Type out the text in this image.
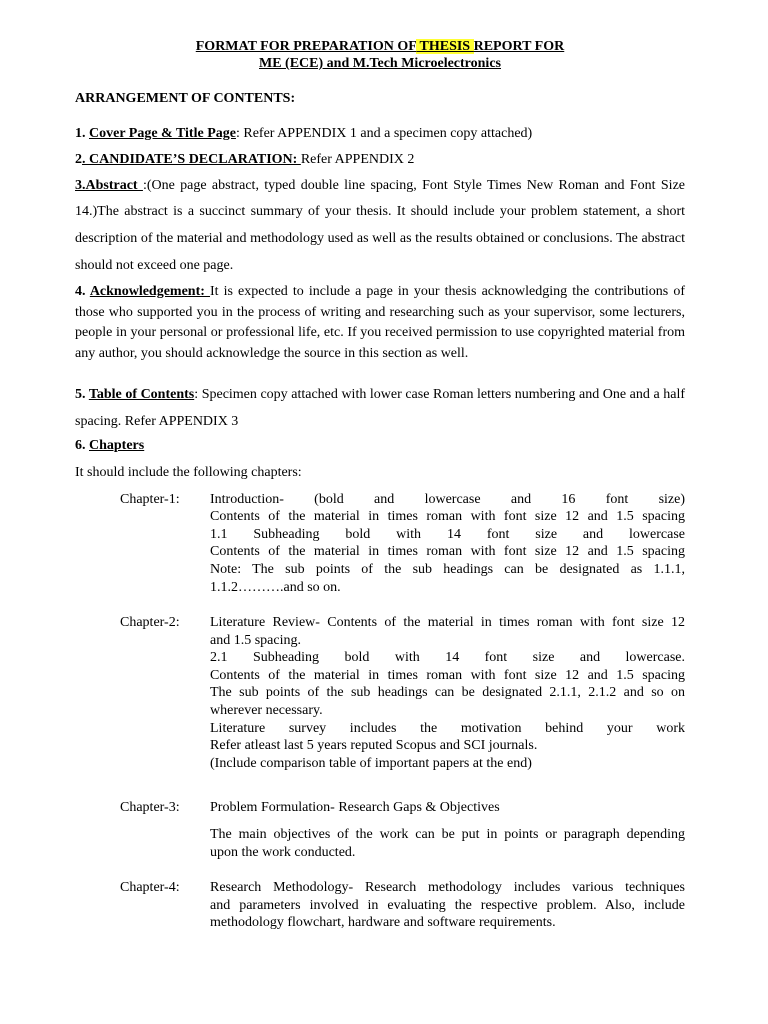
FORMAT FOR PREPARATION OF THESIS REPORT FOR
ME (ECE) and M.Tech Microelectronics
ARRANGEMENT OF CONTENTS:

1. Cover Page & Title Page: Refer APPENDIX 1 and a specimen copy attached)

2. CANDIDATE’S DECLARATION: Refer APPENDIX 2

3.Abstract :(One page abstract, typed double line spacing, Font Style Times New Roman and Font Size 14.)The abstract is a succinct summary of your thesis. It should include your problem statement, a short description of the material and methodology used as well as the results obtained or conclusions. The abstract should not exceed one page.

4. Acknowledgement: It is expected to include a page in your thesis acknowledging the contributions of those who supported you in the process of writing and researching such as your supervisor, some lecturers, people in your personal or professional life, etc. If you received permission to use copyrighted material from any author, you should acknowledge the source in this section as well.

5. Table of Contents: Specimen copy attached with lower case Roman letters numbering and One and a half spacing. Refer APPENDIX 3

6. Chapters

It should include the following chapters:

Chapter-1:	Introduction- (bold and lowercase and 16 font size)
Contents of the material in times roman with font size 12 and 1.5 spacing
1.1 Subheading bold with 14 font size and lowercase
Contents of the material in times roman with font size 12 and 1.5 spacing
Note: The sub points of the sub headings can be designated as 1.1.1,
1.1.2……….and so on.
Chapter-2:	Literature Review- Contents of the material in times roman with font size 12
and 1.5 spacing.
2.1 Subheading bold with 14 font size and lowercase.
Contents of the material in times roman with font size 12 and 1.5 spacing
The sub points of the sub headings can be designated 2.1.1, 2.1.2 and so on
wherever necessary.
Literature survey includes the motivation behind your work
Refer atleast last 5 years reputed Scopus and SCI journals.
(Include comparison table of important papers at the end)
Chapter-3:	Problem Formulation- Research Gaps & Objectives
The main objectives of the work can be put in points or paragraph depending
upon the work conducted.
Chapter-4:	Research Methodology- Research methodology includes various techniques
and parameters involved in evaluating the respective problem. Also, include
methodology flowchart, hardware and software requirements.
